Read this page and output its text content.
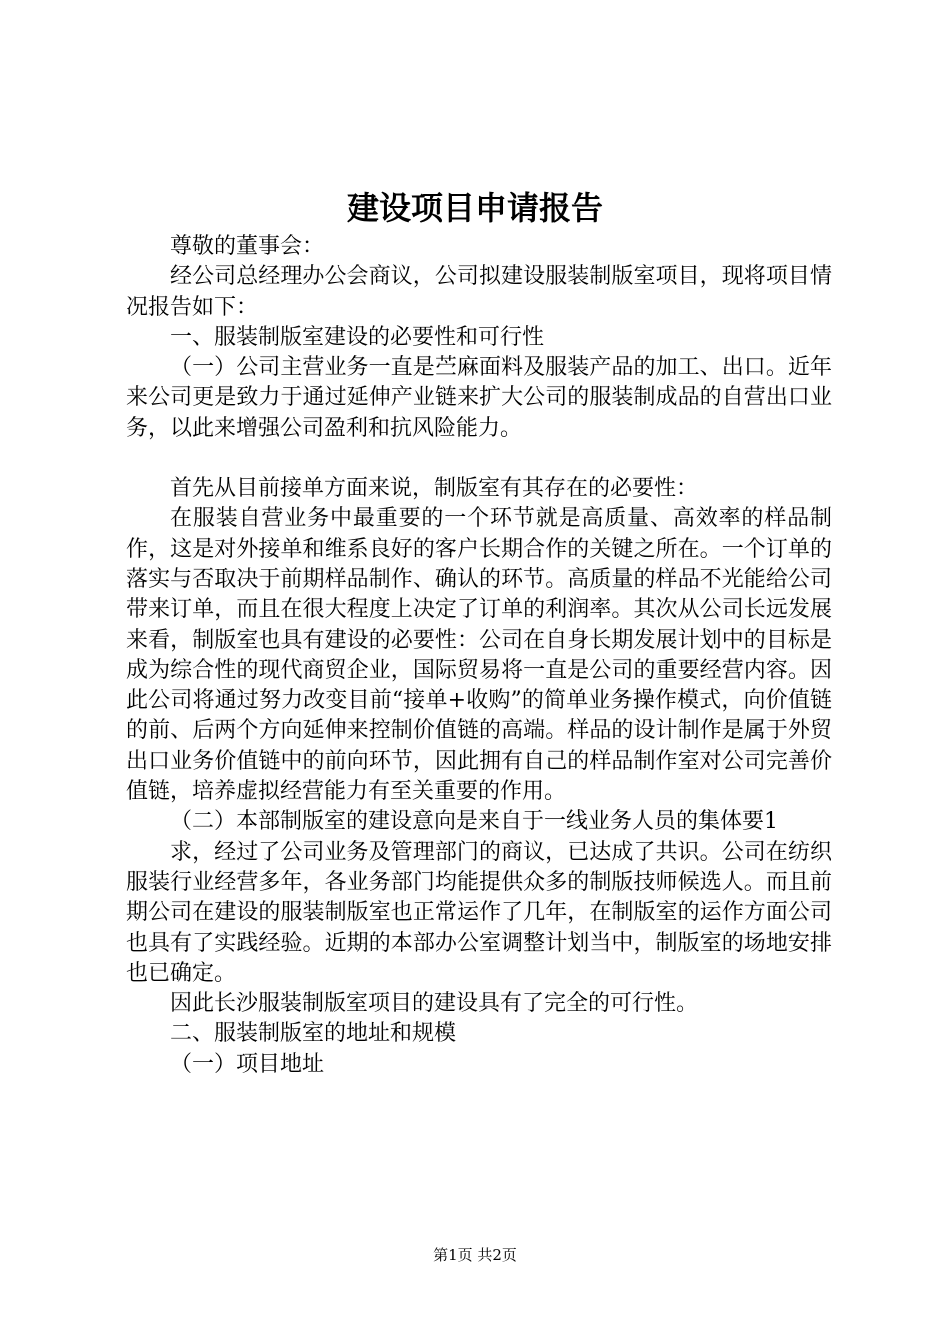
建设项目申请报告

尊敬的董事会：

经公司总经理办公会商议，公司拟建设服装制版室项目，现将项目情况报告如下：

一、服装制版室建设的必要性和可行性

（一）公司主营业务一直是苎麻面料及服装产品的加工、出口。近年来公司更是致力于通过延伸产业链来扩大公司的服装制成品的自营出口业务，以此来增强公司盈利和抗风险能力。

首先从目前接单方面来说，制版室有其存在的必要性：

在服装自营业务中最重要的一个环节就是高质量、高效率的样品制作，这是对外接单和维系良好的客户长期合作的关键之所在。一个订单的落实与否取决于前期样品制作、确认的环节。高质量的样品不光能给公司带来订单，而且在很大程度上决定了订单的利润率。其次从公司长远发展来看，制版室也具有建设的必要性：公司在自身长期发展计划中的目标是成为综合性的现代商贸企业，国际贸易将一直是公司的重要经营内容。因此公司将通过努力改变目前“接单+收购”的简单业务操作模式，向价值链的前、后两个方向延伸来控制价值链的高端。样品的设计制作是属于外贸出口业务价值链中的前向环节，因此拥有自己的样品制作室对公司完善价值链，培养虚拟经营能力有至关重要的作用。

（二）本部制版室的建设意向是来自于一线业务人员的集体要1

求，经过了公司业务及管理部门的商议，已达成了共识。公司在纺织服装行业经营多年，各业务部门均能提供众多的制版技师候选人。而且前期公司在建设的服装制版室也正常运作了几年，在制版室的运作方面公司也具有了实践经验。近期的本部办公室调整计划当中，制版室的场地安排也已确定。

因此长沙服装制版室项目的建设具有了完全的可行性。

二、服装制版室的地址和规模

（一）项目地址

第1页 共2页
